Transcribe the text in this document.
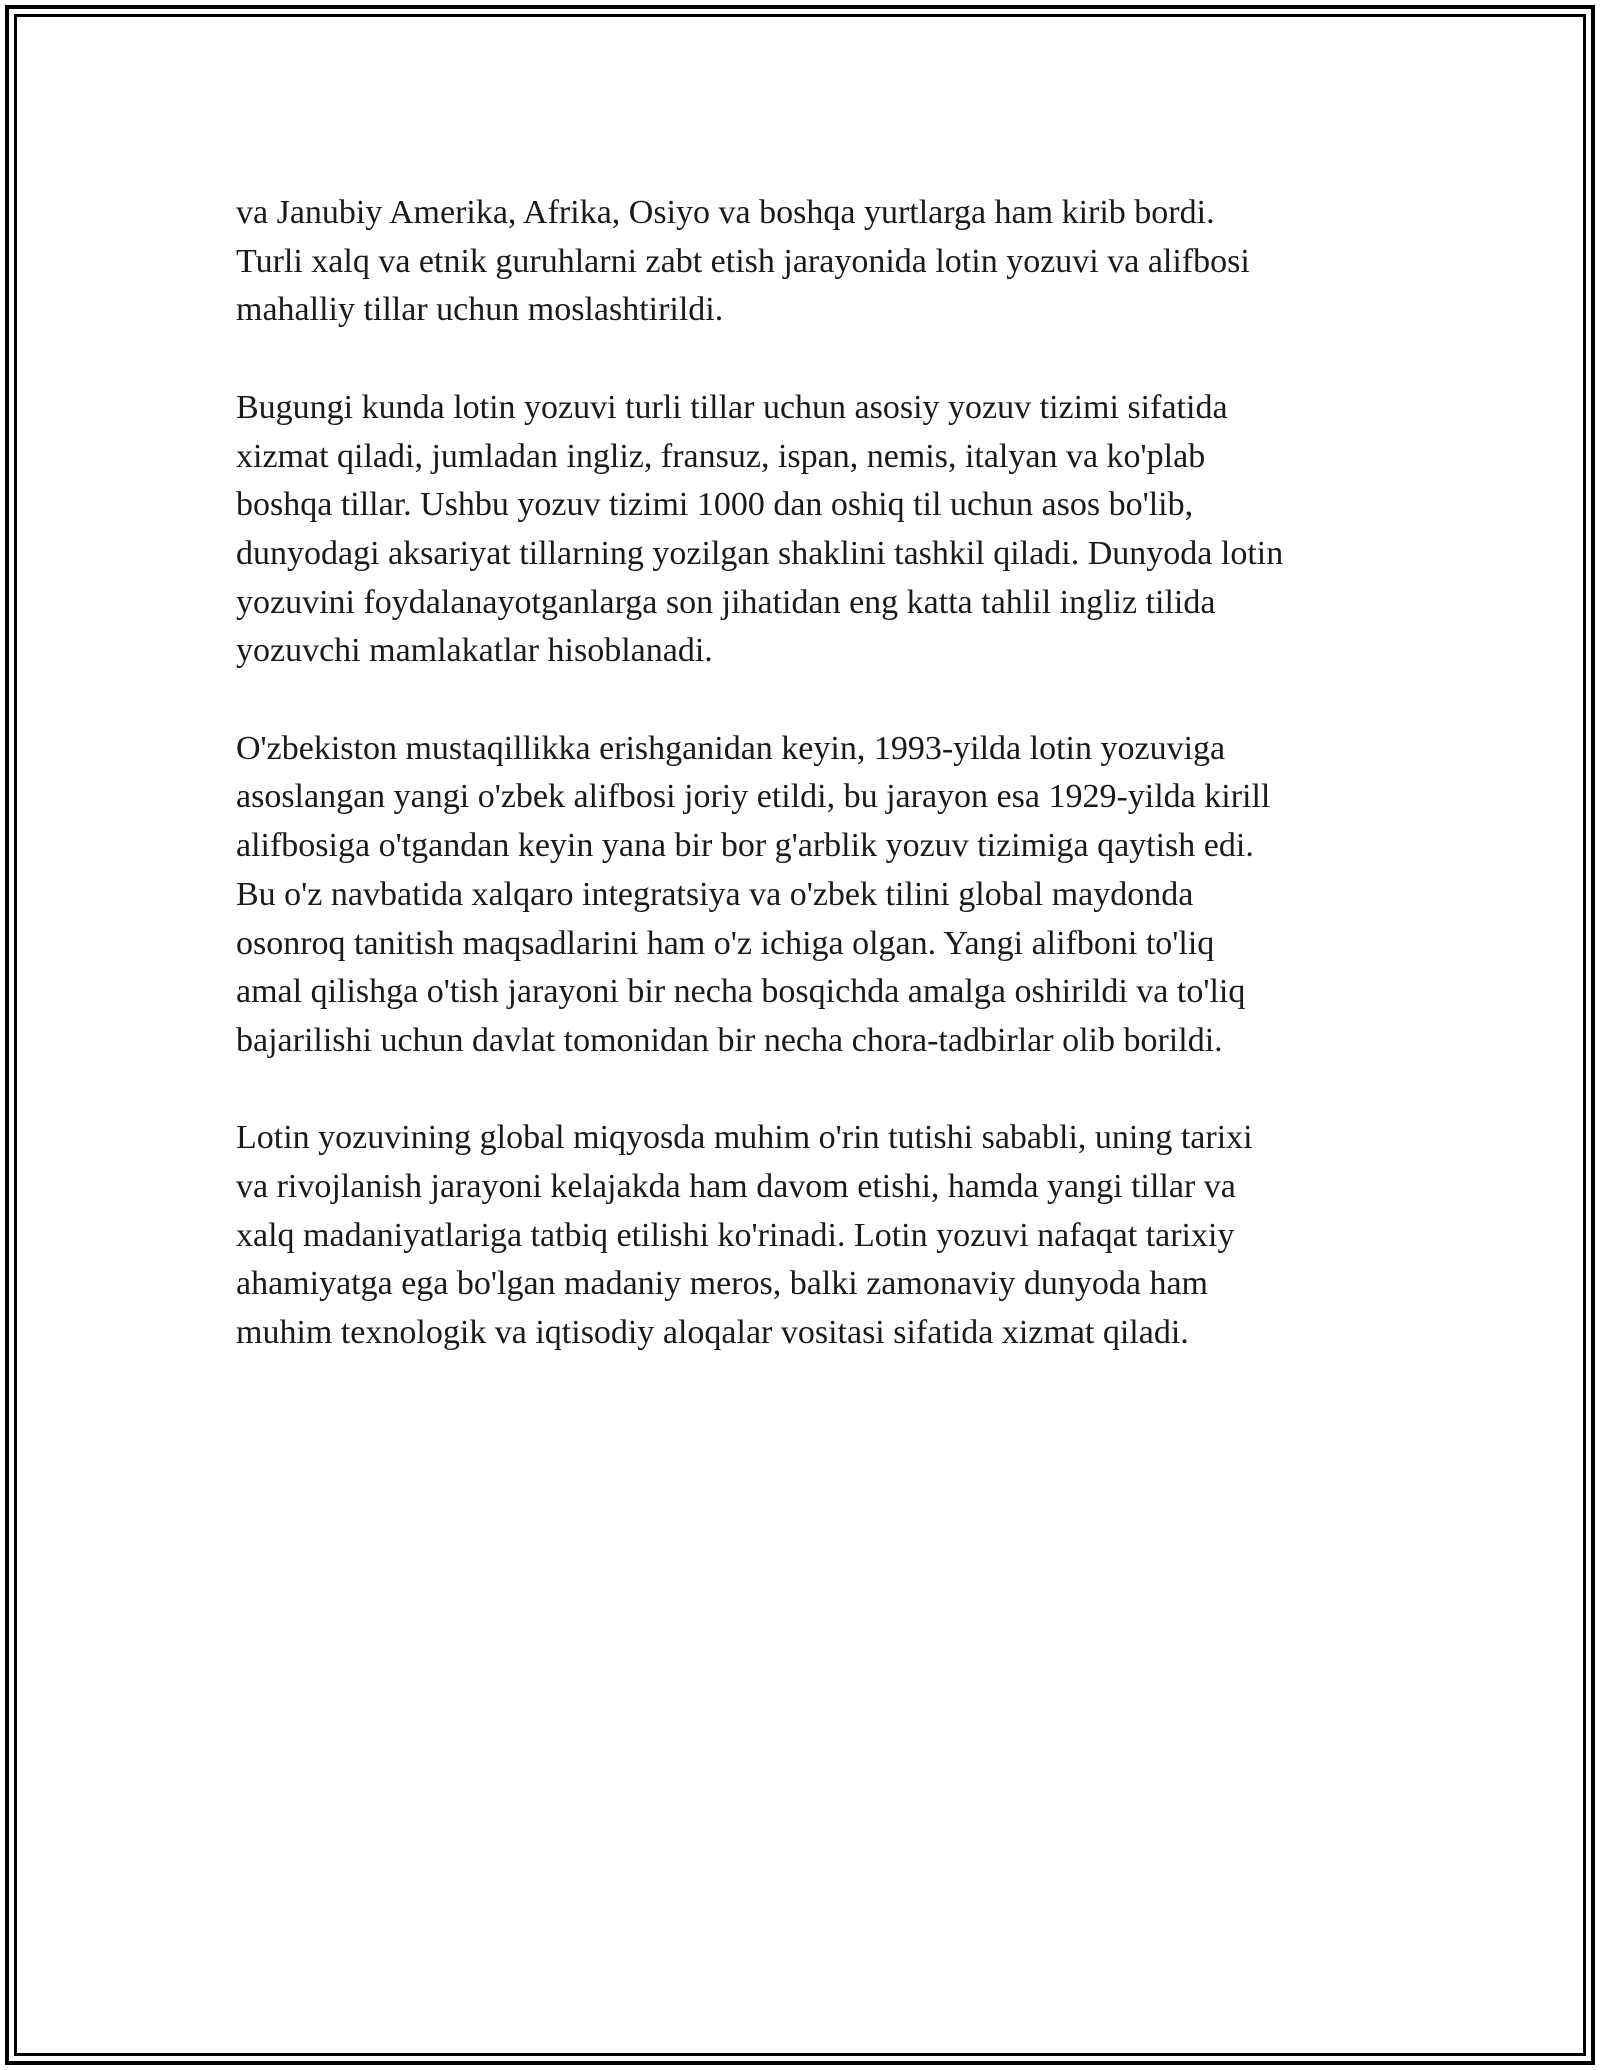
va Janubiy Amerika, Afrika, Osiyo va boshqa yurtlarga ham kirib bordi.
Turli xalq va etnik guruhlarni zabt etish jarayonida lotin yozuvi va alifbosi
mahalliy tillar uchun moslashtirildi.

Bugungi kunda lotin yozuvi turli tillar uchun asosiy yozuv tizimi sifatida
xizmat qiladi, jumladan ingliz, fransuz, ispan, nemis, italyan va ko'plab
boshqa tillar. Ushbu yozuv tizimi 1000 dan oshiq til uchun asos bo'lib,
dunyodagi aksariyat tillarning yozilgan shaklini tashkil qiladi. Dunyoda lotin
yozuvini foydalanayotganlarga son jihatidan eng katta tahlil ingliz tilida
yozuvchi mamlakatlar hisoblanadi.

O'zbekiston mustaqillikka erishganidan keyin, 1993-yilda lotin yozuviga
asoslangan yangi o'zbek alifbosi joriy etildi, bu jarayon esa 1929-yilda kirill
alifbosiga o'tgandan keyin yana bir bor g'arblik yozuv tizimiga qaytish edi.
Bu o'z navbatida xalqaro integratsiya va o'zbek tilini global maydonda
osonroq tanitish maqsadlarini ham o'z ichiga olgan. Yangi alifboni to'liq
amal qilishga o'tish jarayoni bir necha bosqichda amalga oshirildi va to'liq
bajarilishi uchun davlat tomonidan bir necha chora-tadbirlar olib borildi.

Lotin yozuvining global miqyosda muhim o'rin tutishi sababli, uning tarixi
va rivojlanish jarayoni kelajakda ham davom etishi, hamda yangi tillar va
xalq madaniyatlariga tatbiq etilishi ko'rinadi. Lotin yozuvi nafaqat tarixiy
ahamiyatga ega bo'lgan madaniy meros, balki zamonaviy dunyoda ham
muhim texnologik va iqtisodiy aloqalar vositasi sifatida xizmat qiladi.
